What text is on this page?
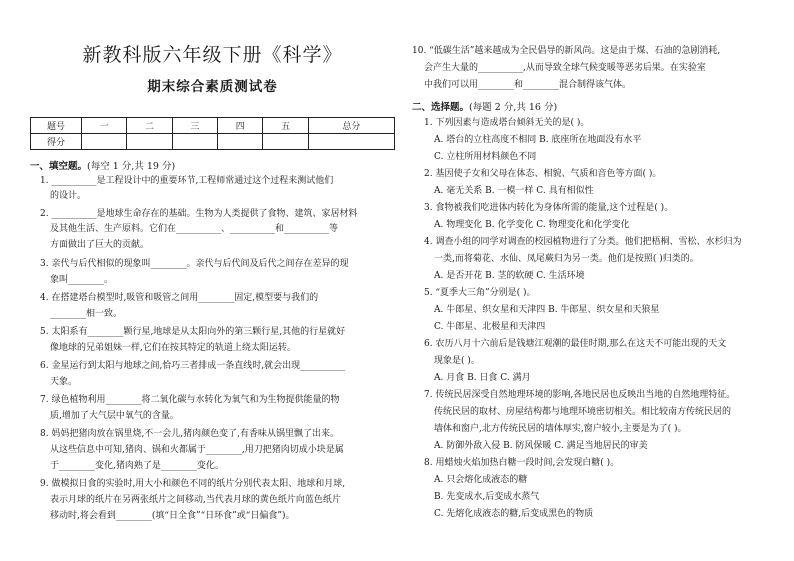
新教科版六年级下册《科学》
期末综合素质测试卷
题号	一	二	三	四	五	总分
得分						
一、填空题。(每空 1 分,共 19 分)
1. __________是工程设计中的重要环节,工程师常通过这个过程来测试他们
的设计。
2. __________是地球生命存在的基础。生物为人类提供了食物、建筑、家居材料
及其他生活、生产原料。它们在__________、__________和__________等
方面做出了巨大的贡献。
3. 亲代与后代相似的现象叫________。亲代与后代间及后代之间存在差异的现
象叫________。
4. 在搭建塔台模型时,吸管和吸管之间用________固定,模型要与我们的
________相一致。
5. 太阳系有________颗行星,地球是从太阳向外的第三颗行星,其他的行星就好
像地球的兄弟姐妹一样,它们在按其特定的轨道上绕太阳运转。
6. 金星运行到太阳与地球之间,恰巧三者排成一条直线时,就会出现__________
天象。
7. 绿色植物利用________将二氧化碳与水转化为氧气和为生物提供能量的物
质,增加了大气层中氧气的含量。
8. 妈妈把猪肉放在锅里烧,不一会儿,猪肉颜色变了,有香味从锅里飘了出来。
从这些信息中可知,猪肉、锅和火都属于________,用刀把猪肉切成小块是属
于________变化,猪肉熟了是________变化。
9. 做模拟日食的实验时,用大小和颜色不同的纸片分别代表太阳、地球和月球,
表示月球的纸片在另两张纸片之间移动,当代表月球的黄色纸片向蓝色纸片
移动时,将会看到________(填“日全食”“日环食”或“日偏食”)。
10. “低碳生活”越来越成为全民倡导的新风尚。这是由于煤、石油的急剧消耗,
会产生大量的__________,从而导致全球气候变暖等恶劣后果。在实验室
中我们可以用________和________混合制得该气体。
二、选择题。(每题 2 分,共 16 分)
1. 下列因素与造成塔台倾斜无关的是( )。
A. 塔台的立柱高度不相同 B. 底座所在地面没有水平
C. 立柱所用材料颜色不同
2. 基因使子女和父母在体态、相貌、气质和音色等方面( )。
A. 毫无关系 B. 一模一样 C. 具有相似性
3. 食物被我们吃进体内转化为身体所需的能量,这个过程是( )。
A. 物理变化 B. 化学变化 C. 物理变化和化学变化
4. 调查小组的同学对调查的校园植物进行了分类。他们把梧桐、雪松、水杉归为
一类,而将菊花、水仙、凤尾蕨归为另一类。他们是按照( )归类的。
A. 是否开花 B. 茎的软硬 C. 生活环境
5. “夏季大三角”分别是( )。
A. 牛郎星、织女星和天津四 B. 牛郎星、织女星和天狼星
C. 牛郎星、北极星和天津四
6. 农历八月十六前后是钱塘江观潮的最佳时期,那么在这天不可能出现的天文
现象是( )。
A. 月食 B. 日食 C. 满月
7. 传统民居深受自然地理环境的影响,各地民居也反映出当地的自然地理特征。
传统民居的取材、房屋结构都与地理环境密切相关。相比较南方传统民居的
墙体和窗户,北方传统民居的墙体厚实,窗户较小,主要是为了( )。
A. 防御外敌入侵 B. 防风保暖 C. 满足当地居民的审美
8. 用蜡烛火焰加热白糖一段时间,会发现白糖( )。
A. 只会熔化成液态的糖
B. 先变成水,后变成水蒸气
C. 先熔化成液态的糖,后变成黑色的物质
